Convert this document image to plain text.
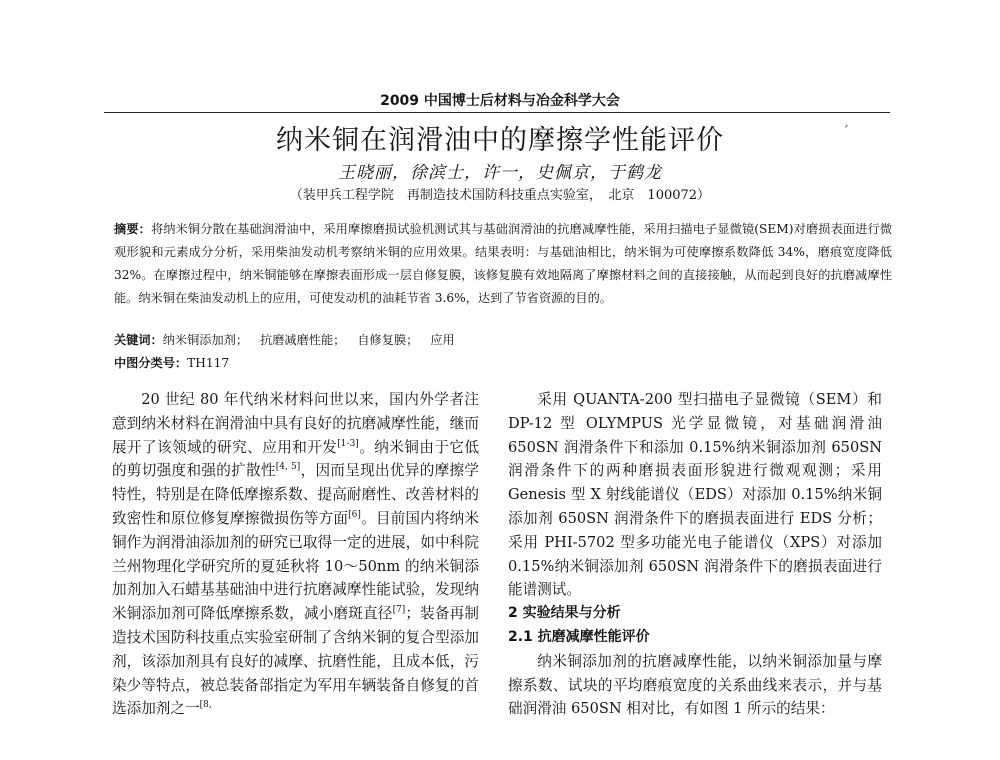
2009 中国博士后材料与冶金科学大会
纳米铜在润滑油中的摩擦学性能评价	ˊ
王晓丽，徐滨士，许一，史佩京，于鹤龙
（装甲兵工程学院　再制造技术国防科技重点实验室，　北京　100072）
摘要：将纳米铜分散在基础润滑油中，采用摩擦磨损试验机测试其与基础润滑油的抗磨减摩性能，采用扫描电子显微镜(SEM)对磨损表面进行微观形貌和元素成分分析，采用柴油发动机考察纳米铜的应用效果。结果表明：与基础油相比，纳米铜为可使摩擦系数降低 34%，磨痕宽度降低 32%。在摩擦过程中，纳米铜能够在摩擦表面形成一层自修复膜，该修复膜有效地隔离了摩擦材料之间的直接接触，从而起到良好的抗磨减摩性能。纳米铜在柴油发动机上的应用，可使发动机的油耗节省 3.6%，达到了节省资源的目的。
关键词：纳米铜添加剂； 抗磨减磨性能； 自修复膜； 应用
中图分类号：TH117

20 世纪 80 年代纳米材料问世以来，国内外学者注意到纳米材料在润滑油中具有良好的抗磨减摩性能，继而展开了该领域的研究、应用和开发[1-3]。纳米铜由于它低的剪切强度和强的扩散性[4, 5]，因而呈现出优异的摩擦学特性，特别是在降低摩擦系数、提高耐磨性、改善材料的致密性和原位修复摩擦微损伤等方面[6]。目前国内将纳米铜作为润滑油添加剂的研究已取得一定的进展，如中科院兰州物理化学研究所的夏延秋将 10～50nm 的纳米铜添加剂加入石蜡基基础油中进行抗磨减摩性能试验，发现纳米铜添加剂可降低摩擦系数，减小磨斑直径[7]；装备再制造技术国防科技重点实验室研制了含纳米铜的复合型添加剂，该添加剂具有良好的减摩、抗磨性能，且成本低，污染少等特点，被总装备部指定为军用车辆装备自修复的首选添加剂之一$^{[8,}$

采用 QUANTA-200 型扫描电子显微镜（SEM）和 DP-12 型 OLYMPUS 光学显微镜，对基础润滑油 650SN 润滑条件下和添加 0.15%纳米铜添加剂 650SN 润滑条件下的两种磨损表面形貌进行微观观测；采用 Genesis 型 X 射线能谱仪（EDS）对添加 0.15%纳米铜添加剂 650SN 润滑条件下的磨损表面进行 EDS 分析；采用 PHI-5702 型多功能光电子能谱仪（XPS）对添加 0.15%纳米铜添加剂 650SN 润滑条件下的磨损表面进行能谱测试。
2 实验结果与分析
2.1 抗磨减摩性能评价
纳米铜添加剂的抗磨减摩性能，以纳米铜添加量与摩擦系数、试块的平均磨痕宽度的关系曲线来表示，并与基础润滑油 650SN 相对比，有如图 1 所示的结果：
